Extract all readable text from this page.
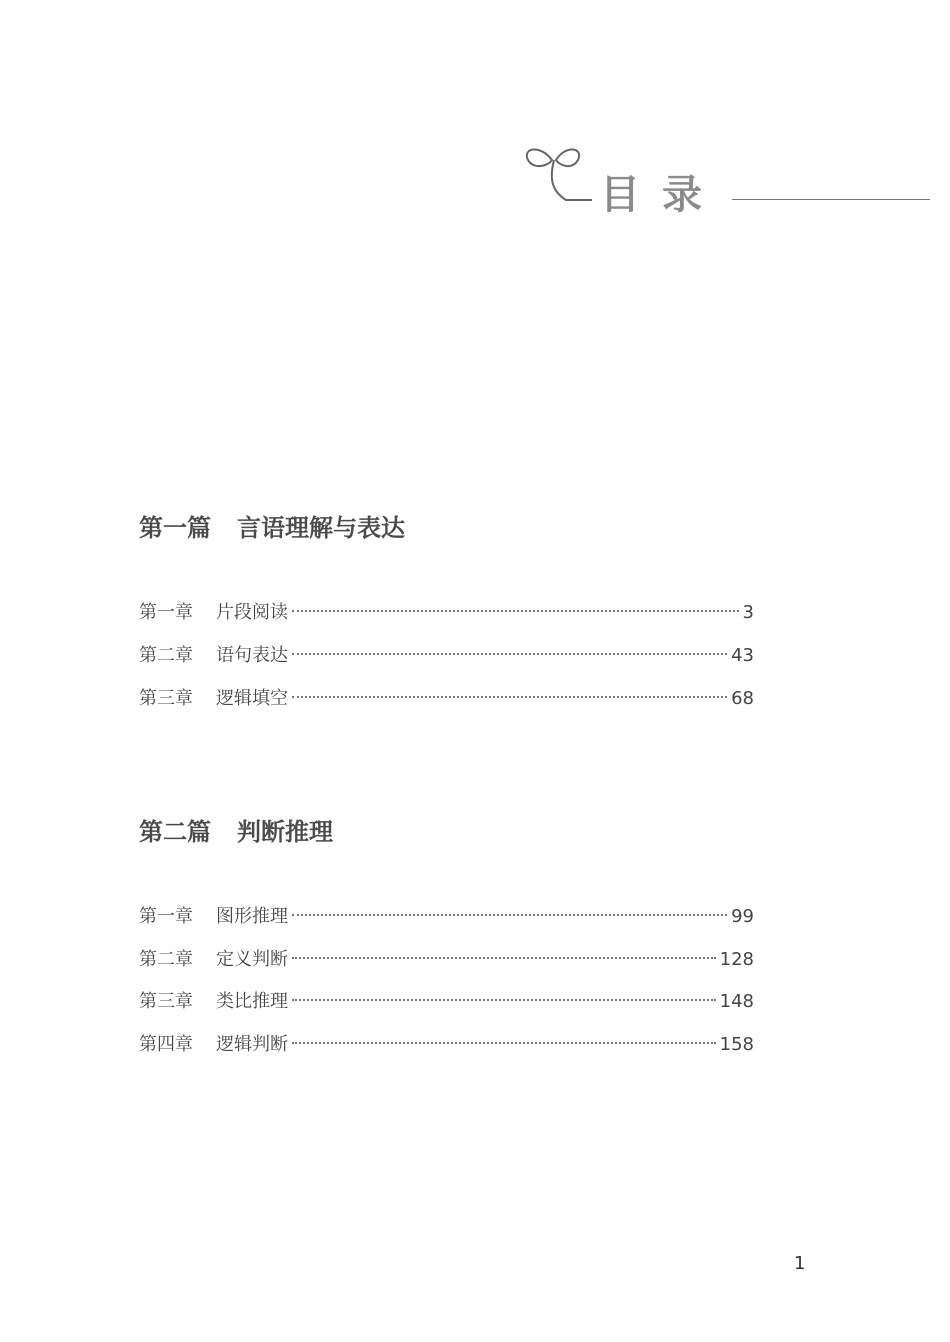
目录
第一篇 言语理解与表达
第一章	片段阅读	3
第二章	语句表达	43
第三章	逻辑填空	68
第二篇 判断推理
第一章	图形推理	99
第二章	定义判断	128
第三章	类比推理	148
第四章	逻辑判断	158
1
